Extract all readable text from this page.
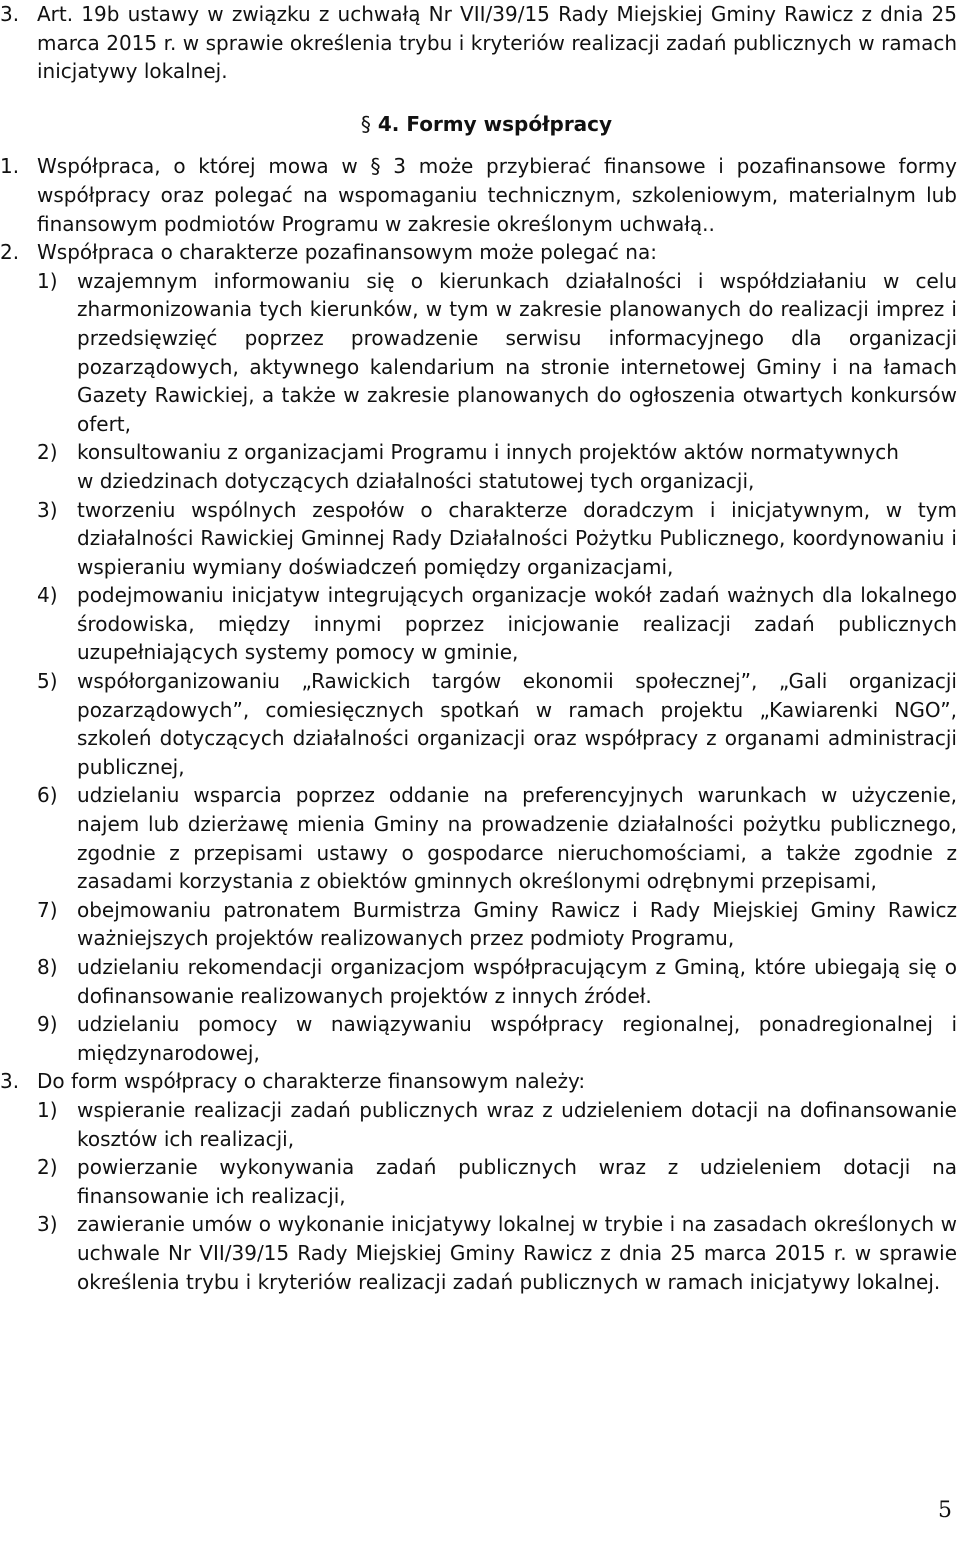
3. Art. 19b ustawy w związku z uchwałą Nr VII/39/15 Rady Miejskiej Gminy Rawicz z dnia 25 marca 2015 r. w sprawie określenia trybu i kryteriów realizacji zadań publicznych w ramach inicjatywy lokalnej.

§ 4. Formy współpracy

1. Współpraca, o której mowa w § 3 może przybierać finansowe i pozafinansowe formy współpracy oraz polegać na wspomaganiu technicznym, szkoleniowym, materialnym lub finansowym podmiotów Programu w zakresie określonym uchwałą..

2. Współpraca o charakterze pozafinansowym może polegać na:

1) wzajemnym informowaniu się o kierunkach działalności i współdziałaniu w celu zharmonizowania tych kierunków, w tym w zakresie planowanych do realizacji imprez i przedsięwzięć poprzez prowadzenie serwisu informacyjnego dla organizacji pozarządowych, aktywnego kalendarium na stronie internetowej Gminy i na łamach Gazety Rawickiej, a także w zakresie planowanych do ogłoszenia otwartych konkursów ofert,

2) konsultowaniu z organizacjami Programu i innych projektów aktów normatywnych

w dziedzinach dotyczących działalności statutowej tych organizacji,

3) tworzeniu wspólnych zespołów o charakterze doradczym i inicjatywnym, w tym działalności Rawickiej Gminnej Rady Działalności Pożytku Publicznego, koordynowaniu i wspieraniu wymiany doświadczeń pomiędzy organizacjami,

4) podejmowaniu inicjatyw integrujących organizacje wokół zadań ważnych dla lokalnego środowiska, między innymi poprzez inicjowanie realizacji zadań publicznych uzupełniających systemy pomocy w gminie,

5) współorganizowaniu „Rawickich targów ekonomii społecznej”, „Gali organizacji pozarządowych”, comiesięcznych spotkań w ramach projektu „Kawiarenki NGO”, szkoleń dotyczących działalności organizacji oraz współpracy z organami administracji publicznej,

6) udzielaniu wsparcia poprzez oddanie na preferencyjnych warunkach w użyczenie, najem lub dzierżawę mienia Gminy na prowadzenie działalności pożytku publicznego, zgodnie z przepisami ustawy o gospodarce nieruchomościami, a także zgodnie z zasadami korzystania z obiektów gminnych określonymi odrębnymi przepisami,

7) obejmowaniu patronatem Burmistrza Gminy Rawicz i Rady Miejskiej Gminy Rawicz ważniejszych projektów realizowanych przez podmioty Programu,

8) udzielaniu rekomendacji organizacjom współpracującym z Gminą, które ubiegają się o dofinansowanie realizowanych projektów z innych źródeł.

9) udzielaniu pomocy w nawiązywaniu współpracy regionalnej, ponadregionalnej i międzynarodowej,

3. Do form współpracy o charakterze finansowym należy:

1) wspieranie realizacji zadań publicznych wraz z udzieleniem dotacji na dofinansowanie kosztów ich realizacji,

2) powierzanie wykonywania zadań publicznych wraz z udzieleniem dotacji na finansowanie ich realizacji,

3) zawieranie umów o wykonanie inicjatywy lokalnej w trybie i na zasadach określonych w uchwale Nr VII/39/15 Rady Miejskiej Gminy Rawicz z dnia 25 marca 2015 r. w sprawie określenia trybu i kryteriów realizacji zadań publicznych w ramach inicjatywy lokalnej.

5
